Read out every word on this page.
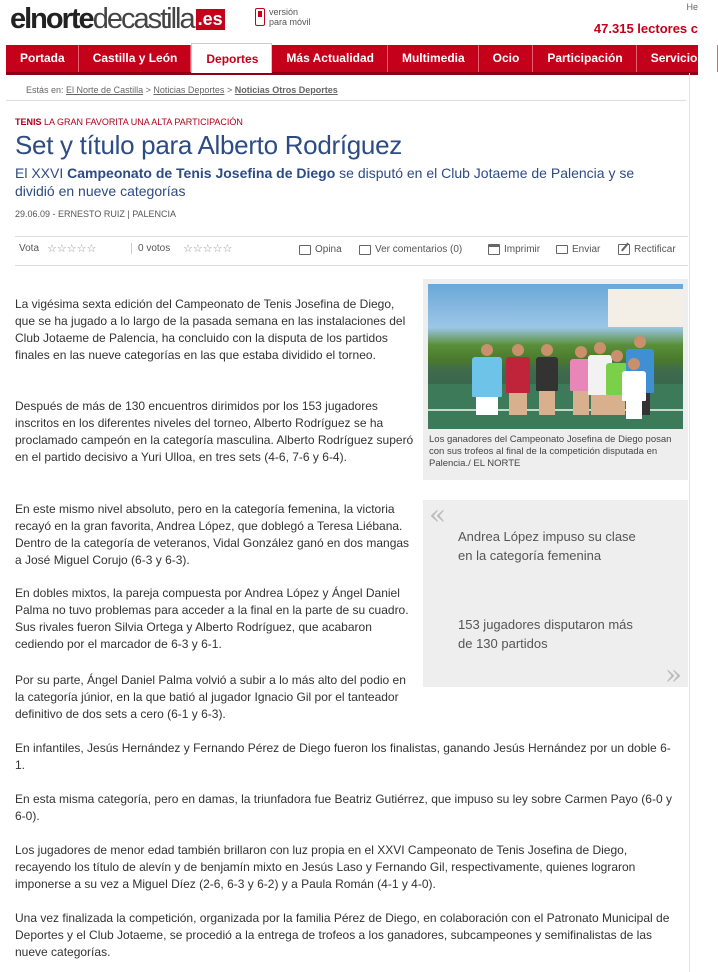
elnortedecastilla .es	versión
para móvil
He
47.315 lectores c
Portada	Castilla y León	Deportes	Más Actualidad	Multimedia	Ocio	Participación	Servicios
Estás en: El Norte de Castilla > Noticias Deportes > Noticias Otros Deportes
TENIS LA GRAN FAVORITA UNA ALTA PARTICIPACIÓN
Set y título para Alberto Rodríguez
El XXVI Campeonato de Tenis Josefina de Diego se disputó en el Club Jotaeme de Palencia y se dividió en nueve categorías
29.06.09 - ERNESTO RUIZ | PALENCIA
Vota ☆☆☆☆☆	0 votos ☆☆☆☆☆	Opina	Ver comentarios (0)	Imprimir	Enviar	Rectificar

La vigésima sexta edición del Campeonato de Tenis Josefina de Diego, que se ha jugado a lo largo de la pasada semana en las instalaciones del Club Jotaeme de Palencia, ha concluido con la disputa de los partidos finales en las nueve categorías en las que estaba dividido el torneo.

Después de más de 130 encuentros dirimidos por los 153 jugadores inscritos en los diferentes niveles del torneo, Alberto Rodríguez se ha proclamado campeón en la categoría masculina. Alberto Rodríguez superó en el partido decisivo a Yuri Ulloa, en tres sets (4-6, 7-6 y 6-4).

En este mismo nivel absoluto, pero en la categoría femenina, la victoria recayó en la gran favorita, Andrea López, que doblegó a Teresa Liébana. Dentro de la categoría de veteranos, Vidal González ganó en dos mangas a José Miguel Corujo (6-3 y 6-3).

En dobles mixtos, la pareja compuesta por Andrea López y Ángel Daniel Palma no tuvo problemas para acceder a la final en la parte de su cuadro. Sus rivales fueron Silvia Ortega y Alberto Rodríguez, que acabaron cediendo por el marcador de 6-3 y 6-1.

Por su parte, Ángel Daniel Palma volvió a subir a lo más alto del podio en la categoría júnior, en la que batió al jugador Ignacio Gil por el tanteador definitivo de dos sets a cero (6-1 y 6-3).

En infantiles, Jesús Hernández y Fernando Pérez de Diego fueron los finalistas, ganando Jesús Hernández por un doble 6-1.

En esta misma categoría, pero en damas, la triunfadora fue Beatriz Gutiérrez, que impuso su ley sobre Carmen Payo (6-0 y 6-0).

Los jugadores de menor edad también brillaron con luz propia en el XXVI Campeonato de Tenis Josefina de Diego, recayendo los título de alevín y de benjamín mixto en Jesús Laso y Fernando Gil, respectivamente, quienes lograron imponerse a su vez a Miguel Díez (2-6, 6-3 y 6-2) y a Paula Román (4-1 y 4-0).

Una vez finalizada la competición, organizada por la familia Pérez de Diego, en colaboración con el Patronato Municipal de Deportes y el Club Jotaeme, se procedió a la entrega de trofeos a los ganadores, subcampeones y semifinalistas de las nueve categorías.

Los ganadores del Campeonato Josefina de Diego posan con sus trofeos al final de la competición disputada en Palencia./ EL NORTE
«
Andrea López impuso su clase en la categoría femenina
153 jugadores disputaron más de 130 partidos
»
